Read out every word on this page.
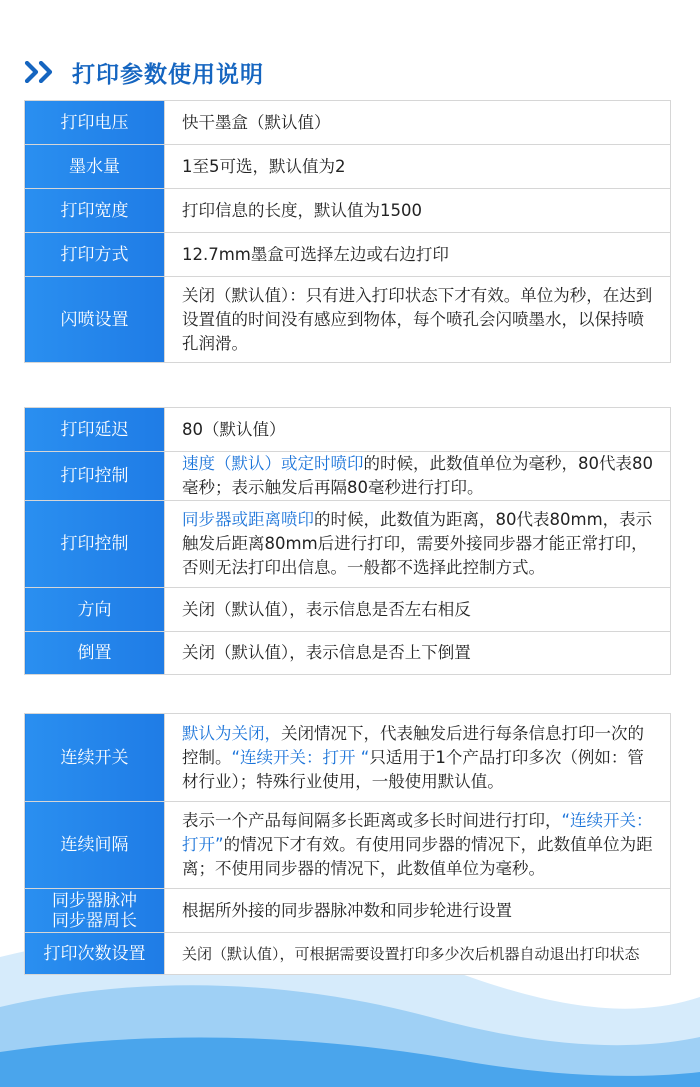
打印参数使用说明
打印电压	快干墨盒（默认值）
墨水量	1至5可选，默认值为2
打印宽度	打印信息的长度，默认值为1500
打印方式	12.7mm墨盒可选择左边或右边打印
闪喷设置	关闭（默认值）：只有进入打印状态下才有效。单位为秒，在达到设置值的时间没有感应到物体，每个喷孔会闪喷墨水，以保持喷孔润滑。
打印延迟	80（默认值）
打印控制	速度（默认）或定时喷印的时候，此数值单位为毫秒，80代表80毫秒；表示触发后再隔80毫秒进行打印。
打印控制	同步器或距离喷印的时候，此数值为距离，80代表80mm，表示触发后距离80mm后进行打印，需要外接同步器才能正常打印，否则无法打印出信息。一般都不选择此控制方式。
方向	关闭（默认值），表示信息是否左右相反
倒置	关闭（默认值），表示信息是否上下倒置
连续开关	默认为关闭，关闭情况下，代表触发后进行每条信息打印一次的控制。“连续开关：打开 “只适用于1个产品打印多次（例如：管材行业）；特殊行业使用，一般使用默认值。
连续间隔	表示一个产品每间隔多长距离或多长时间进行打印，“连续开关：打开”的情况下才有效。有使用同步器的情况下，此数值单位为距离；不使用同步器的情况下，此数值单位为毫秒。
同步器脉冲
同步器周长	根据所外接的同步器脉冲数和同步轮进行设置
打印次数设置	关闭（默认值），可根据需要设置打印多少次后机器自动退出打印状态
